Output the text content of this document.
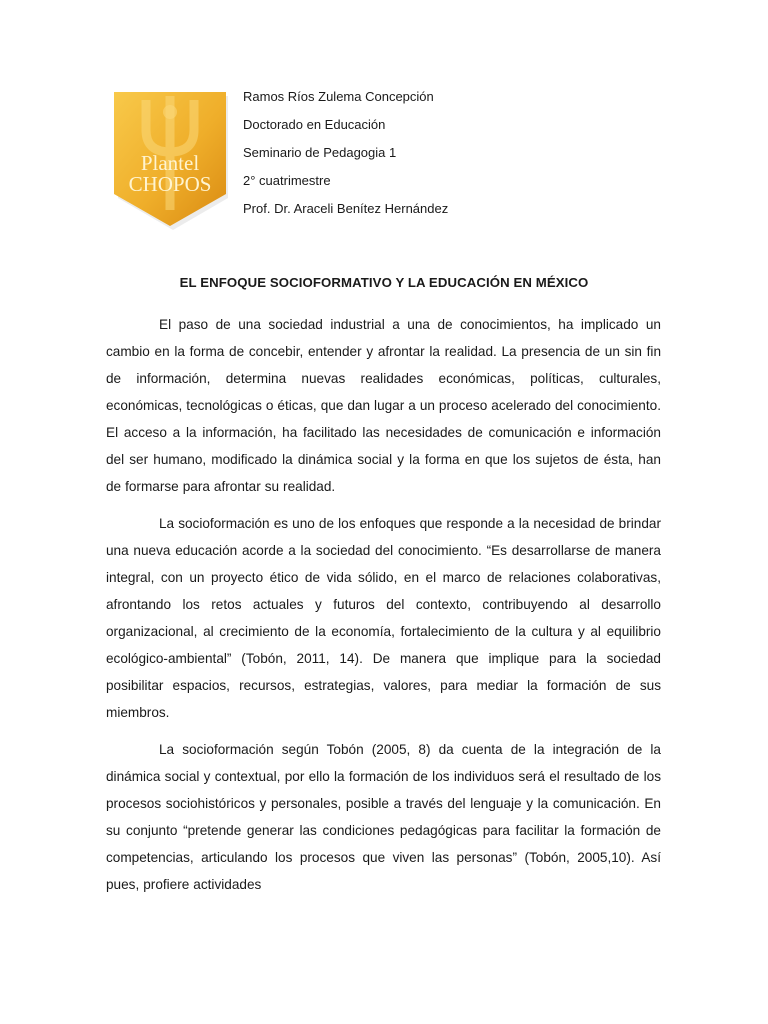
Plantel
CHOPOS
Ramos Ríos Zulema Concepción
Doctorado en Educación
Seminario de Pedagogia 1
2° cuatrimestre
Prof. Dr. Araceli Benítez Hernández
EL ENFOQUE SOCIOFORMATIVO Y LA EDUCACIÓN EN MÉXICO

El paso de una sociedad industrial a una de conocimientos, ha implicado un cambio en la forma de concebir, entender y afrontar la realidad. La presencia de un sin fin de información, determina nuevas realidades económicas, políticas, culturales, económicas, tecnológicas o éticas, que dan lugar a un proceso acelerado del conocimiento. El acceso a la información, ha facilitado las necesidades de comunicación e información del ser humano, modificado la dinámica social y la forma en que los sujetos de ésta, han de formarse para afrontar su realidad.

La socioformación es uno de los enfoques que responde a la necesidad de brindar una nueva educación acorde a la sociedad del conocimiento. “Es desarrollarse de manera integral, con un proyecto ético de vida sólido, en el marco de relaciones colaborativas, afrontando los retos actuales y futuros del contexto, contribuyendo al desarrollo organizacional, al crecimiento de la economía, fortalecimiento de la cultura y al equilibrio ecológico-ambiental” (Tobón, 2011, 14). De manera que implique para la sociedad posibilitar espacios, recursos, estrategias, valores, para mediar la formación de sus miembros.

La socioformación según Tobón (2005, 8) da cuenta de la integración de la dinámica social y contextual, por ello la formación de los individuos será el resultado de los procesos sociohistóricos y personales, posible a través del lenguaje y la comunicación. En su conjunto “pretende generar las condiciones pedagógicas para facilitar la formación de competencias, articulando los procesos que viven las personas” (Tobón, 2005,10). Así pues, profiere actividades
